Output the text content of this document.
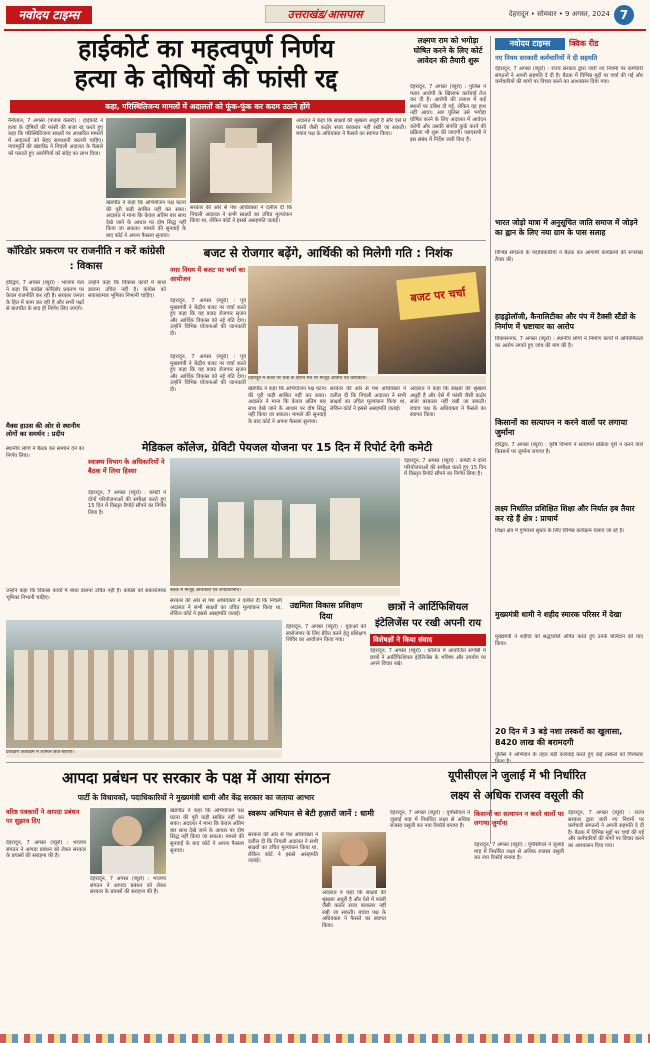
नवोदय टाइम्स	उत्तराखंड/आसपास	देहरादून • सोमवार • 9 अगस्त, 2024 7
हाईकोर्ट का महत्वपूर्ण निर्णय
हत्या के दोषियों की फांसी रद्द
कहा, परिस्थितिजन्य मामलों में अदालतों को फूंक-फूंक कर कदम उठाने होंगे
नैनीताल, 7 अगस्त (पंजाब केसरी) : हाईकोर्ट ने हत्या के दोषियों की फांसी की सजा रद्द करते हुए कहा कि परिस्थितिजन्य साक्ष्यों पर आधारित मामलों में अदालतों को बेहद सावधानी बरतनी चाहिए। न्यायमूर्ति की खंडपीठ ने निचली अदालत के फैसले को पलटते हुए आरोपियों को संदेह का लाभ दिया।
खंडपीठ ने कहा कि अभियोजन पक्ष घटना की पूरी कड़ी साबित नहीं कर सका। अदालत ने माना कि केवल अंतिम बार साथ देखे जाने के आधार पर दोष सिद्ध नहीं किया जा सकता। मामले की सुनवाई के बाद कोर्ट ने अपना फैसला सुनाया।
सरकार की ओर से पेश अधिवक्ता ने दलील दी कि निचली अदालत ने सभी साक्ष्यों का उचित मूल्यांकन किया था, लेकिन कोर्ट ने इससे असहमति जताई।
अदालत ने कहा कि साक्ष्यों की श्रृंखला अधूरी है और ऐसे में फांसी जैसी कठोर सजा बरकरार नहीं रखी जा सकती। बचाव पक्ष के अधिवक्ता ने फैसले का स्वागत किया।
लक्ष्मण राम को भगोड़ा घोषित करने के लिए कोर्ट आवेदन की तैयारी शुरू
देहरादून, 7 अगस्त (ब्यूरो) : पुलिस ने फरार आरोपी के खिलाफ कार्रवाई तेज कर दी है। आरोपी की तलाश में कई स्थानों पर दबिश दी गई, लेकिन वह हाथ नहीं आया। अब पुलिस उसे भगोड़ा घोषित करने के लिए अदालत में आवेदन करेगी और उसकी संपत्ति कुर्क करने की प्रक्रिया भी शुरू की जाएगी। एसएसपी ने इस संबंध में निर्देश जारी किए हैं।
नवोदय टाइम्स	क्विक रीड
नए नियम सरकारी कर्मचारियों ने दी सहमति
देहरादून, 7 अगस्त (ब्यूरो) : राज्य सरकार द्वारा जारी नए नियमों पर कर्मचारी संगठनों ने अपनी सहमति दे दी है। बैठक में विभिन्न मुद्दों पर चर्चा की गई और कर्मचारियों की मांगों पर विचार करने का आश्वासन दिया गया।
भारत जोड़ो यात्रा में अनुसूचित जाति समाज में जोड़ने का ह्वान के लिए नया ग्राम के पास सलाह
विभिन्न संगठनों के पदाधिकारियों ने बैठक कर आगामी कार्यक्रमों की रूपरेखा तैयार की।
हाइड्रोलॉजी, कैनालिटीका और पंप में टैक्सी स्टैंडों के निर्माण में भ्रष्टाचार का आरोप
विकासनगर, 7 अगस्त (ब्यूरो) : स्थानीय लोगों ने निर्माण कार्यों में अनियमितता का आरोप लगाते हुए जांच की मांग की है।
किसानों का सत्यापन न करने वालों पर लगाया जुर्माना
हरिद्वार, 7 अगस्त (ब्यूरो) : कृषि विभाग ने सत्यापन प्रक्रिया पूरी न करने वाले किसानों पर जुर्माना लगाया है।
लक्ष्य निर्धारित प्रशिक्षित शिक्षा और निर्यात हब तैयार कर रहे हैं क्षेत्र : प्राचार्य
शिक्षा क्षेत्र में गुणवत्ता सुधार के लिए विभिन्न कार्यक्रम चलाए जा रहे हैं।
मुख्यमंत्री धामी ने शहीद स्मारक परिसर में देखा
मुख्यमंत्री ने शहीदों को श्रद्धांजलि अर्पित करते हुए उनके बलिदान को याद किया।
20 दिन में 3 बड़े नशा तस्करों का खुलासा, 8420 लाख की बरामदगी
पुलिस ने अभियान के तहत बड़ी कार्रवाई करते हुए कई तस्करों को गिरफ्तार
कॉरिडोर प्रकरण पर राजनीति न करें कांग्रेसी : विकास
हरिद्वार, 7 अगस्त (ब्यूरो) : भाजपा नेता ने कहा कि कांग्रेस कॉरिडोर प्रकरण पर केवल राजनीति कर रही है। सरकार जनता के हित में काम कर रही है और सभी पक्षों से बातचीत के बाद ही निर्णय लिए जाएंगे।
उन्होंने कहा कि विकास कार्यों में बाधा डालना उचित नहीं है। कांग्रेस को सकारात्मक भूमिका निभानी चाहिए।
मैक्स हाउस की ओर से स्थानीय लोगों का समर्थन : प्रदीप
स्थानीय लोगों ने बैठक कर समर्थन देने का निर्णय लिया।
बजट से रोजगार बढ़ेंगे, आर्थिकी को मिलेगी गति : निशंक
नगर निगम में बजट पर चर्चा का आयोजन
देहरादून, 7 अगस्त (ब्यूरो) : पूर्व मुख्यमंत्री ने केंद्रीय बजट पर चर्चा करते हुए कहा कि यह बजट रोजगार सृजन और आर्थिक विकास को नई गति देगा। उन्होंने विभिन्न योजनाओं की जानकारी दी।
बजट पर चर्चा
देहरादून में बजट पर चर्चा के दौरान मंच पर मौजूद अतिथि एवं कार्यकर्ता।
देहरादून, 7 अगस्त (ब्यूरो) : पूर्व मुख्यमंत्री ने केंद्रीय बजट पर चर्चा करते हुए कहा कि यह बजट रोजगार सृजन और आर्थिक विकास को नई गति देगा। उन्होंने विभिन्न योजनाओं की जानकारी दी।	खंडपीठ ने कहा कि अभियोजन पक्ष घटना की पूरी कड़ी साबित नहीं कर सका। अदालत ने माना कि केवल अंतिम बार साथ देखे जाने के आधार पर दोष सिद्ध नहीं किया जा सकता। मामले की सुनवाई के बाद कोर्ट ने अपना फैसला सुनाया।
सरकार की ओर से पेश अधिवक्ता ने दलील दी कि निचली अदालत ने सभी साक्ष्यों का उचित मूल्यांकन किया था, लेकिन कोर्ट ने इससे असहमति जताई।
अदालत ने कहा कि साक्ष्यों की श्रृंखला अधूरी है और ऐसे में फांसी जैसी कठोर सजा बरकरार नहीं रखी जा सकती। बचाव पक्ष के अधिवक्ता ने फैसले का स्वागत किया।
मेडिकल कॉलेज, ग्रेविटी पेयजल योजना पर 15 दिन में रिपोर्ट देगी कमेटी
स्वास्थ्य विभाग के अधिकारियों ने बैठक में लिया हिस्सा
देहरादून, 7 अगस्त (ब्यूरो) : कमेटी ने दोनों परियोजनाओं की समीक्षा करते हुए 15 दिन में विस्तृत रिपोर्ट सौंपने का निर्णय लिया है।
बैठक में मौजूद अधिकारी एवं जनप्रतिनिधि।
देहरादून, 7 अगस्त (ब्यूरो) : कमेटी ने दोनों परियोजनाओं की समीक्षा करते हुए 15 दिन में विस्तृत रिपोर्ट सौंपने का निर्णय लिया है।
सरकार की ओर से पेश अधिवक्ता ने दलील दी कि निचली अदालत ने सभी साक्ष्यों का उचित मूल्यांकन किया था, लेकिन कोर्ट ने इससे असहमति जताई।
उद्यमिता विकास प्रशिक्षण दिया
देहरादून, 7 अगस्त (ब्यूरो) : युवाओं को स्वरोजगार के लिए प्रेरित करने हेतु प्रशिक्षण शिविर का आयोजन किया गया।
छात्रों ने आर्टिफिशियल इंटेलिजेंस पर रखी अपनी राय
विशेषज्ञों ने किया संवाद
देहरादून, 7 अगस्त (ब्यूरो) : कॉलेज में आयोजित संगोष्ठी में छात्रों ने आर्टिफिशियल इंटेलिजेंस के भविष्य और उपयोग पर अपने विचार रखे।
प्रशिक्षण कार्यक्रम में शामिल छात्र-छात्राएं।
उन्होंने कहा कि विकास कार्यों में बाधा डालना उचित नहीं है। कांग्रेस को सकारात्मक भूमिका निभानी चाहिए।
आपदा प्रबंधन पर सरकार के पक्ष में आया संगठन
पार्टी के विधायकों, पदाधिकारियों ने मुख्यमंत्री धामी और केंद्र सरकार का जताया आभार
वरिष्ठ पत्रकारों ने आपदा प्रबंधन पर सुझाव दिए
देहरादून, 7 अगस्त (ब्यूरो) : भाजपा संगठन ने आपदा प्रबंधन को लेकर सरकार के प्रयासों की सराहना की है।
देहरादून, 7 अगस्त (ब्यूरो) : भाजपा संगठन ने आपदा प्रबंधन को लेकर सरकार के प्रयासों की सराहना की है।
खंडपीठ ने कहा कि अभियोजन पक्ष घटना की पूरी कड़ी साबित नहीं कर सका। अदालत ने माना कि केवल अंतिम बार साथ देखे जाने के आधार पर दोष सिद्ध नहीं किया जा सकता। मामले की सुनवाई के बाद कोर्ट ने अपना फैसला सुनाया।
स्वरूप अभियान से बेटी हज़ारों जानें : धामी
सरकार की ओर से पेश अधिवक्ता ने दलील दी कि निचली अदालत ने सभी साक्ष्यों का उचित मूल्यांकन किया था, लेकिन कोर्ट ने इससे असहमति जताई।
अदालत ने कहा कि साक्ष्यों की श्रृंखला अधूरी है और ऐसे में फांसी जैसी कठोर सजा बरकरार नहीं रखी जा सकती। बचाव पक्ष के अधिवक्ता ने फैसले का स्वागत किया।
यूपीसीएल ने जुलाई में भी निर्धारित
लक्ष्य से अधिक राजस्व वसूली की
देहरादून, 7 अगस्त (ब्यूरो) : यूपीसीएल ने जुलाई माह में निर्धारित लक्ष्य से अधिक राजस्व वसूली कर नया रिकॉर्ड बनाया है।
किसानों का सत्यापन न करने वालों पर लगाया जुर्माना
देहरादून, 7 अगस्त (ब्यूरो) : यूपीसीएल ने जुलाई माह में निर्धारित लक्ष्य से अधिक राजस्व वसूली कर नया रिकॉर्ड बनाया है।
देहरादून, 7 अगस्त (ब्यूरो) : राज्य सरकार द्वारा जारी नए नियमों पर कर्मचारी संगठनों ने अपनी सहमति दे दी है। बैठक में विभिन्न मुद्दों पर चर्चा की गई और कर्मचारियों की मांगों पर विचार करने का आश्वासन दिया गया।
